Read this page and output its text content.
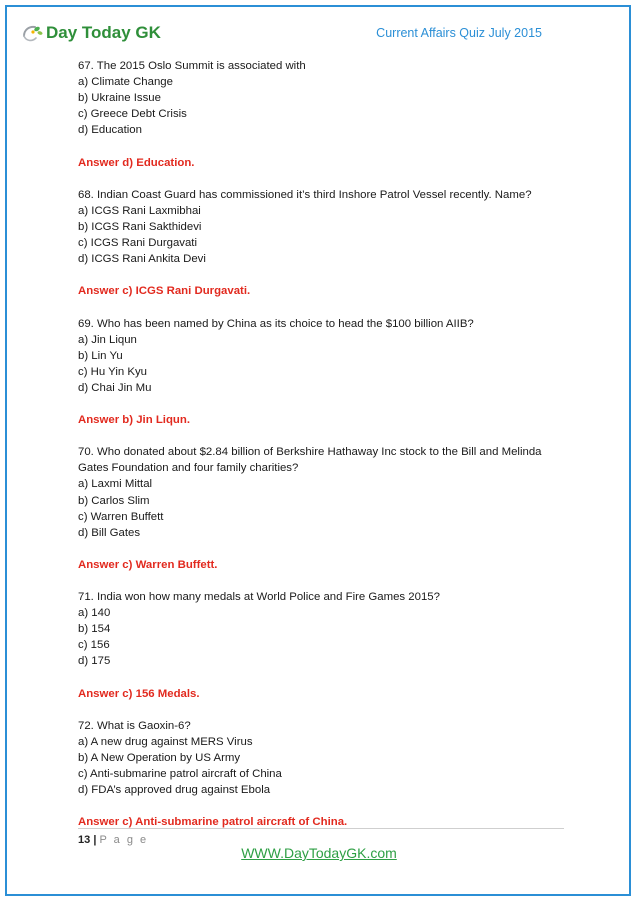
Day Today GK	Current Affairs Quiz July 2015

67. The 2015 Oslo Summit is associated with

a) Climate Change

b) Ukraine Issue

c) Greece Debt Crisis

d) Education

Answer d) Education.

68. Indian Coast Guard has commissioned it’s third Inshore Patrol Vessel recently. Name?

a) ICGS Rani Laxmibhai

b) ICGS Rani Sakthidevi

c) ICGS Rani Durgavati

d) ICGS Rani Ankita Devi

Answer c) ICGS Rani Durgavati.

69. Who has been named by China as its choice to head the $100 billion AIIB?

a) Jin Liqun

b) Lin Yu

c) Hu Yin Kyu

d) Chai Jin Mu

Answer b) Jin Liqun.

70. Who donated about $2.84 billion of Berkshire Hathaway Inc stock to the Bill and Melinda

Gates Foundation and four family charities?

a) Laxmi Mittal

b) Carlos Slim

c) Warren Buffett

d) Bill Gates

Answer c) Warren Buffett.

71. India won how many medals at World Police and Fire Games 2015?

a) 140

b) 154

c) 156

d) 175

Answer c) 156 Medals.

72. What is Gaoxin-6?

a) A new drug against MERS Virus

b) A New Operation by US Army

c) Anti-submarine patrol aircraft of China

d) FDA’s approved drug against Ebola

Answer c) Anti-submarine patrol aircraft of China.

13 | P a g e
WWW.DayTodayGK.com
